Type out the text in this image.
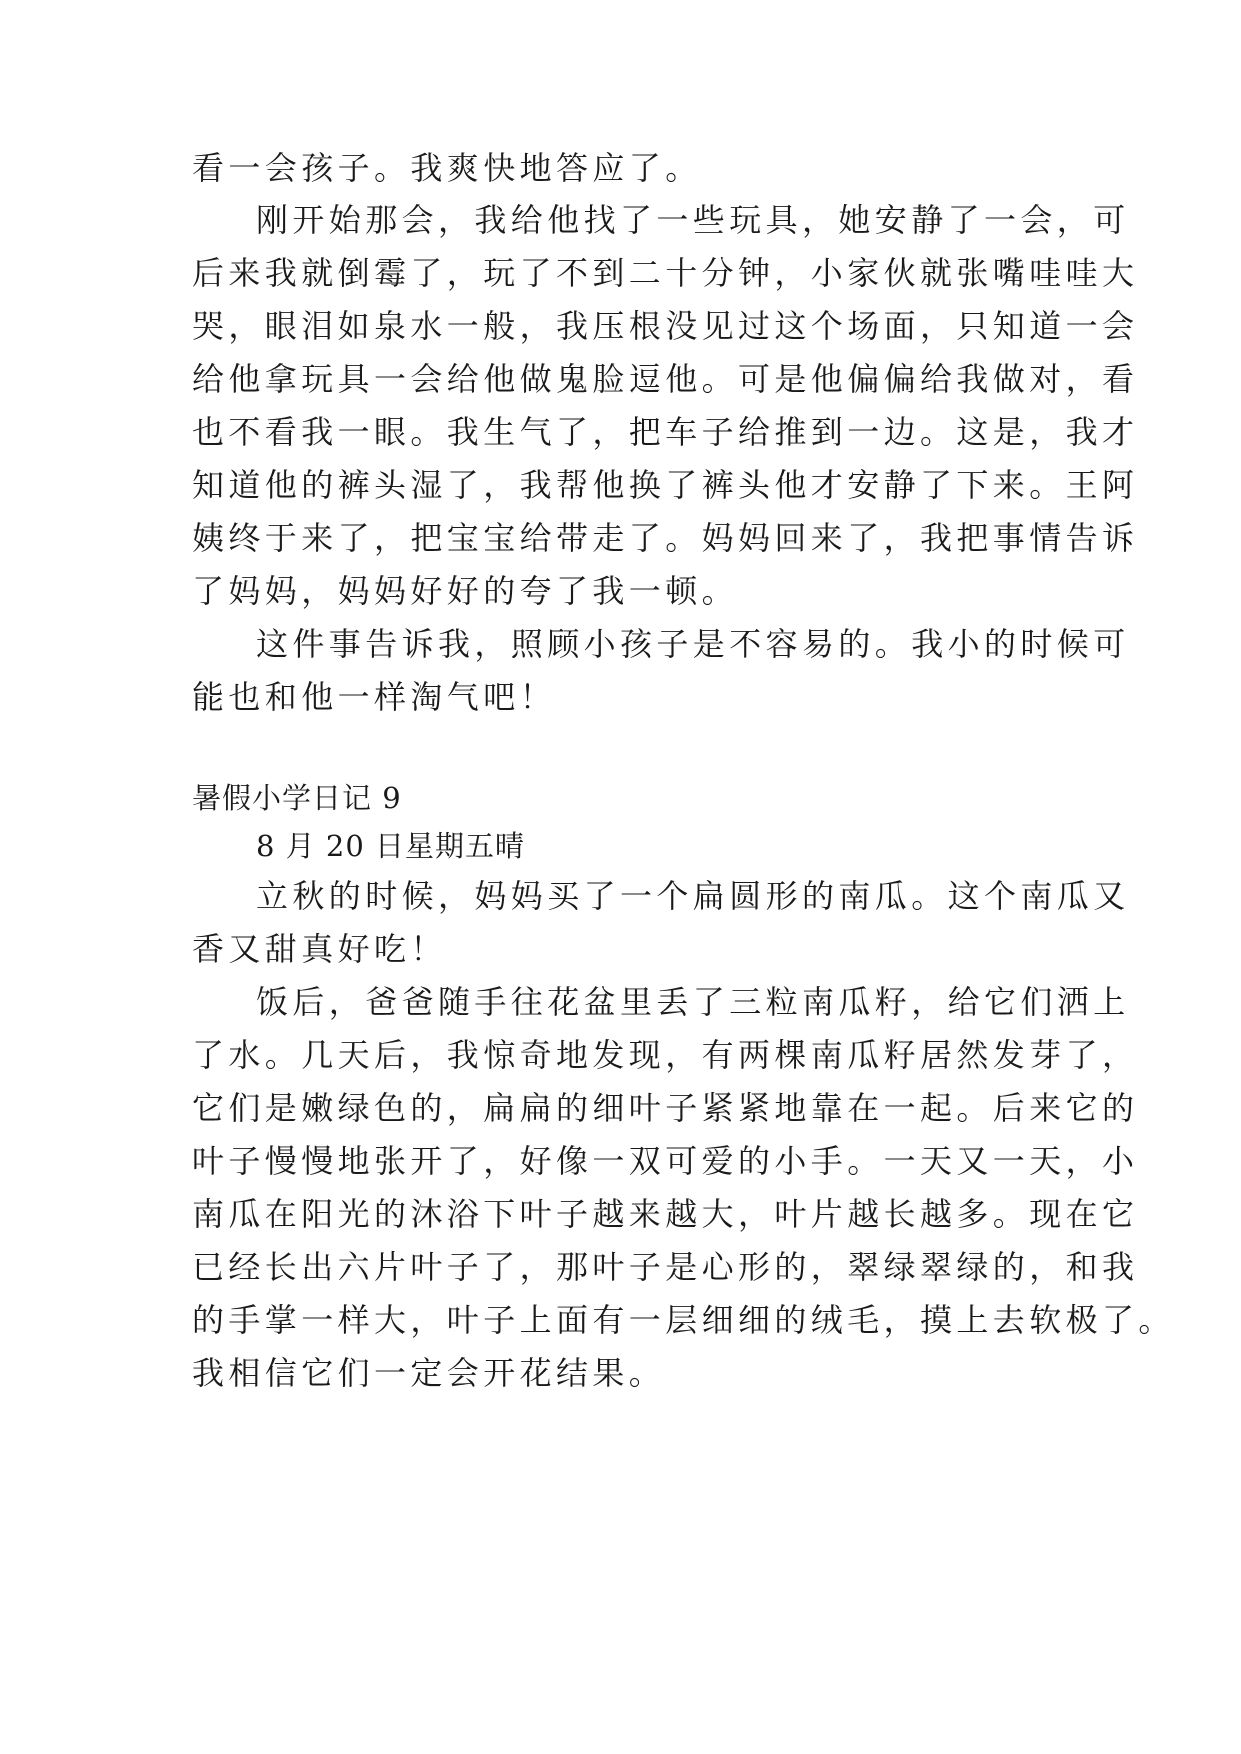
看一会孩子。我爽快地答应了。
刚开始那会，我给他找了一些玩具，她安静了一会，可
后来我就倒霉了，玩了不到二十分钟，小家伙就张嘴哇哇大
哭，眼泪如泉水一般，我压根没见过这个场面，只知道一会
给他拿玩具一会给他做鬼脸逗他。可是他偏偏给我做对，看
也不看我一眼。我生气了，把车子给推到一边。这是，我才
知道他的裤头湿了，我帮他换了裤头他才安静了下来。王阿
姨终于来了，把宝宝给带走了。妈妈回来了，我把事情告诉
了妈妈，妈妈好好的夸了我一顿。
这件事告诉我，照顾小孩子是不容易的。我小的时候可
能也和他一样淘气吧！
暑假小学日记 9
8 月 20 日星期五晴
立秋的时候，妈妈买了一个扁圆形的南瓜。这个南瓜又
香又甜真好吃！
饭后，爸爸随手往花盆里丢了三粒南瓜籽，给它们洒上
了水。几天后，我惊奇地发现，有两棵南瓜籽居然发芽了，
它们是嫩绿色的，扁扁的细叶子紧紧地靠在一起。后来它的
叶子慢慢地张开了，好像一双可爱的小手。一天又一天，小
南瓜在阳光的沐浴下叶子越来越大，叶片越长越多。现在它
已经长出六片叶子了，那叶子是心形的，翠绿翠绿的，和我
的手掌一样大，叶子上面有一层细细的绒毛，摸上去软极了。
我相信它们一定会开花结果。
